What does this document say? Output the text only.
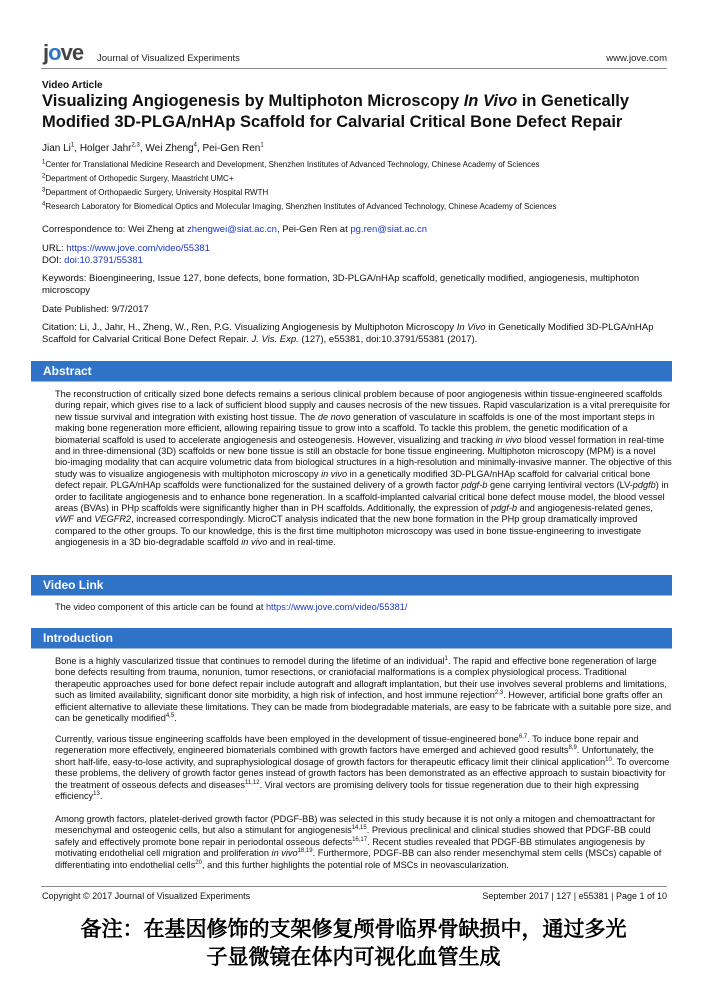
jove Journal of Visualized Experiments	www.jove.com
Video Article
Visualizing Angiogenesis by Multiphoton Microscopy In Vivo in Genetically Modified 3D-PLGA/nHAp Scaffold for Calvarial Critical Bone Defect Repair
Jian Li$^1$, Holger Jahr$^{2,3}$, Wei Zheng$^4$, Pei-Gen Ren$^1$
$^1$Center for Translational Medicine Research and Development, Shenzhen Institutes of Advanced Technology, Chinese Academy of Sciences
$^2$Department of Orthopedic Surgery, Maastricht UMC+
$^3$Department of Orthopaedic Surgery, University Hospital RWTH
$^4$Research Laboratory for Biomedical Optics and Molecular Imaging, Shenzhen Institutes of Advanced Technology, Chinese Academy of Sciences
Correspondence to: Wei Zheng at zhengwei@siat.ac.cn, Pei-Gen Ren at pg.ren@siat.ac.cn
URL: https://www.jove.com/video/55381
DOI: doi:10.3791/55381
Keywords: Bioengineering, Issue 127, bone defects, bone formation, 3D-PLGA/nHAp scaffold, genetically modified, angiogenesis, multiphoton microscopy
Date Published: 9/7/2017
Citation: Li, J., Jahr, H., Zheng, W., Ren, P.G. Visualizing Angiogenesis by Multiphoton Microscopy In Vivo in Genetically Modified 3D-PLGA/nHAp Scaffold for Calvarial Critical Bone Defect Repair. J. Vis. Exp. (127), e55381, doi:10.3791/55381 (2017).
Abstract
The reconstruction of critically sized bone defects remains a serious clinical problem because of poor angiogenesis within tissue-engineered scaffolds during repair, which gives rise to a lack of sufficient blood supply and causes necrosis of the new tissues. Rapid vascularization is a vital prerequisite for new tissue survival and integration with existing host tissue. The de novo generation of vasculature in scaffolds is one of the most important steps in making bone regeneration more efficient, allowing repairing tissue to grow into a scaffold. To tackle this problem, the genetic modification of a biomaterial scaffold is used to accelerate angiogenesis and osteogenesis. However, visualizing and tracking in vivo blood vessel formation in real-time and in three-dimensional (3D) scaffolds or new bone tissue is still an obstacle for bone tissue engineering. Multiphoton microscopy (MPM) is a novel bio-imaging modality that can acquire volumetric data from biological structures in a high-resolution and minimally-invasive manner. The objective of this study was to visualize angiogenesis with multiphoton microscopy in vivo in a genetically modified 3D-PLGA/nHAp scaffold for calvarial critical bone defect repair. PLGA/nHAp scaffolds were functionalized for the sustained delivery of a growth factor pdgf-b gene carrying lentiviral vectors (LV-pdgfb) in order to facilitate angiogenesis and to enhance bone regeneration. In a scaffold-implanted calvarial critical bone defect mouse model, the blood vessel areas (BVAs) in PHp scaffolds were significantly higher than in PH scaffolds. Additionally, the expression of pdgf-b and angiogenesis-related genes, vWF and VEGFR2, increased correspondingly. MicroCT analysis indicated that the new bone formation in the PHp group dramatically improved compared to the other groups. To our knowledge, this is the first time multiphoton microscopy was used in bone tissue-engineering to investigate angiogenesis in a 3D bio-degradable scaffold in vivo and in real-time.
Video Link
The video component of this article can be found at https://www.jove.com/video/55381/
Introduction
Bone is a highly vascularized tissue that continues to remodel during the lifetime of an individual$^1$. The rapid and effective bone regeneration of large bone defects resulting from trauma, nonunion, tumor resections, or craniofacial malformations is a complex physiological process. Traditional therapeutic approaches used for bone defect repair include autograft and allograft implantation, but their use involves several problems and limitations, such as limited availability, significant donor site morbidity, a high risk of infection, and host immune rejection$^{2,3}$. However, artificial bone grafts offer an efficient alternative to alleviate these limitations. They can be made from biodegradable materials, are easy to be fabricate with a suitable pore size, and can be genetically modified$^{4,5}$.
Currently, various tissue engineering scaffolds have been employed in the development of tissue-engineered bone$^{6,7}$. To induce bone repair and regeneration more effectively, engineered biomaterials combined with growth factors have emerged and achieved good results$^{8,9}$. Unfortunately, the short half-life, easy-to-lose activity, and supraphysiological dosage of growth factors for therapeutic efficacy limit their clinical application$^{10}$. To overcome these problems, the delivery of growth factor genes instead of growth factors has been demonstrated as an effective approach to sustain bioactivity for the treatment of osseous defects and diseases$^{11,12}$. Viral vectors are promising delivery tools for tissue regeneration due to their high expressing efficiency$^{13}$.
Among growth factors, platelet-derived growth factor (PDGF-BB) was selected in this study because it is not only a mitogen and chemoattractant for mesenchymal and osteogenic cells, but also a stimulant for angiogenesis$^{14,15}$. Previous preclinical and clinical studies showed that PDGF-BB could safely and effectively promote bone repair in periodontal osseous defects$^{16,17}$. Recent studies revealed that PDGF-BB stimulates angiogenesis by motivating endothelial cell migration and proliferation in vivo$^{18,19}$. Furthermore, PDGF-BB can also render mesenchymal stem cells (MSCs) capable of differentiating into endothelial cells$^{20}$, and this further highlights the potential role of MSCs in neovascularization.
Copyright © 2017 Journal of Visualized Experiments	September 2017 | 127 | e55381 | Page 1 of 10
备注：在基因修饰的支架修复颅骨临界骨缺损中，通过多光
子显微镜在体内可视化血管生成
